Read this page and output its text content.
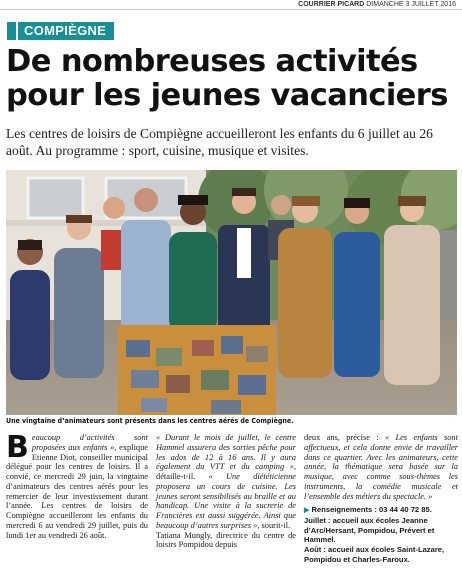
COURRIER PICARD DIMANCHE 3 JUILLET 2016
COMPIÈGNE
De nombreuses activités pour les jeunes vacanciers

Les centres de loisirs de Compiègne accueilleront les enfants du 6 juillet au 26 août. Au programme : sport, cuisine, musique et visites.

Une vingtaine d’animateurs sont présents dans les centres aérés de Compiègne.

Beaucoup d’activités sont proposées aux enfants », explique Etienne Diot, conseiller municipal délégué pour les centres de loisirs. Il a convié, ce mercredi 29 juin, la vingtaine d’animateurs des centres aérés pour les remercier de leur investissement durant l’année. Les centres de loisirs de Compiègne accueilleront les enfants du mercredi 6 au vendredi 29 juillet, puis du lundi 1er au vendredi 26 août.

« Durant le mois de juillet, le centre Hammel assurera des sorties pêche pour les ados de 12 à 16 ans. Il y aura également du VTT et du camping », détaille-t-il. « Une diététicienne proposera un cours de cuisine. Les jeunes seront sensibilisés au braille et au handicap. Une visite à la sucrerie de Francières est aussi suggérée. Ainsi que beaucoup d’autres surprises », sourit-il.
Tatiana Mungly, directrice du centre de loisirs Pompidou depuis

deux ans, précise : « Les enfants sont affectueux, et cela donne envie de travailler dans ce quartier. Avec les animateurs, cette année, la thématique sera basée sur la musique, avec comme sous-thèmes les instruments, la comédie musicale et l’ensemble des métiers du spectacle. »
▶ Renseignements : 03 44 40 72 85.
Juillet : accueil aux écoles Jeanne d’Arc/Hersant, Pompidou, Prévert et Hammel.
Août : accueil aux écoles Saint-Lazare, Pompidou et Charles-Faroux.
